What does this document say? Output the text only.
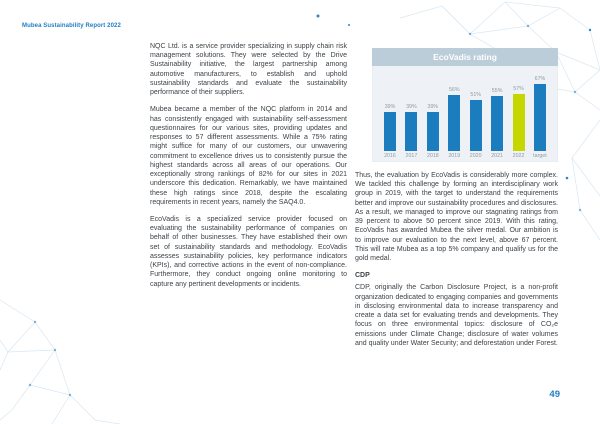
Mubea Sustainability Report 2022

NQC Ltd. is a service provider specializing in supply chain risk management solutions. They were selected by the Drive Sustainability initiative, the largest partnership among automotive manufacturers, to establish and uphold sustainability standards and evaluate the sustainability performance of their suppliers.

Mubea became a member of the NQC platform in 2014 and has consistently engaged with sustainability self-assessment questionnaires for our various sites, providing updates and responses to 57 different assessments. While a 75% rating might suffice for many of our customers, our unwavering commitment to excellence drives us to consistently pursue the highest standards across all areas of our operations. Our exceptionally strong rankings of 82% for our sites in 2021 underscore this dedication. Remarkably, we have maintained these high ratings since 2018, despite the escalating requirements in recent years, namely the SAQ4.0.

EcoVadis is a specialized service provider focused on evaluating the sustainability performance of companies on behalf of other businesses. They have established their own set of sustainability standards and methodology. EcoVadis assesses sustainability policies, key performance indicators (KPIs), and corrective actions in the event of non-compliance. Furthermore, they conduct ongoing online monitoring to capture any pertinent developments or incidents.

EcoVadis rating
39%
2016
39%
2017
39%
2018
56%
2019
51%
2020
55%
2021
57%
2022
67%
target

Thus, the evaluation by EcoVadis is considerably more complex. We tackled this challenge by forming an interdisciplinary work group in 2019, with the target to understand the requirements better and improve our sustainability procedures and disclosures. As a result, we managed to improve our stagnating ratings from 39 percent to above 50 percent since 2019. With this rating, EcoVadis has awarded Mubea the silver medal. Our ambition is to improve our evaluation to the next level, above 67 percent. This will rate Mubea as a top 5% company and qualify us for the gold medal.

CDP

CDP, originally the Carbon Disclosure Project, is a non-profit organization dedicated to engaging companies and governments in disclosing environmental data to increase transparency and create a data set for evaluating trends and developments. They focus on three environmental topics: disclosure of CO₂e emissions under Climate Change; disclosure of water volumes and quality under Water Security; and deforestation under Forest.

49
